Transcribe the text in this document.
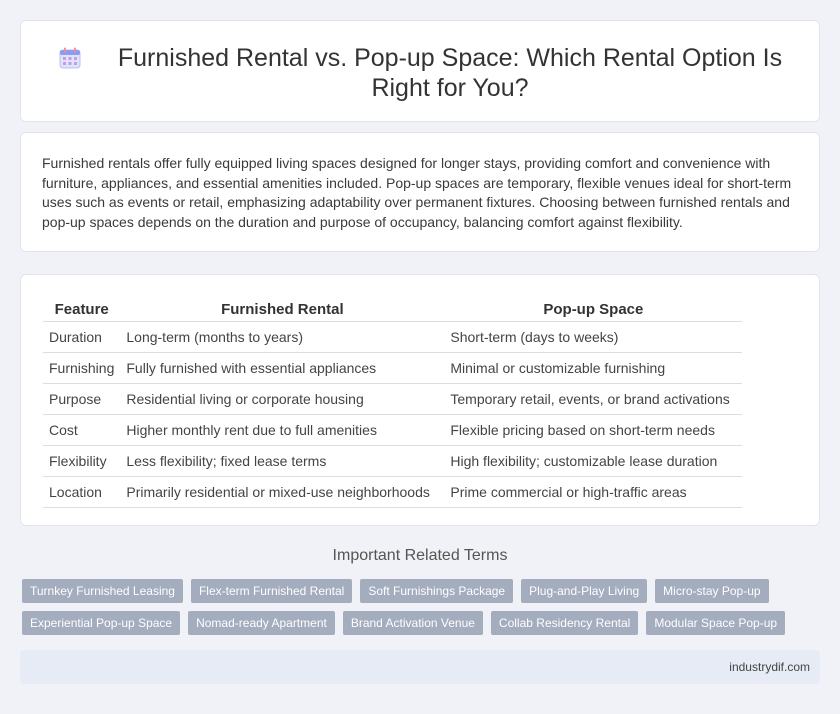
Furnished Rental vs. Pop-up Space: Which Rental Option Is Right for You?

Furnished rentals offer fully equipped living spaces designed for longer stays, providing comfort and convenience with furniture, appliances, and essential amenities included. Pop-up spaces are temporary, flexible venues ideal for short-term uses such as events or retail, emphasizing adaptability over permanent fixtures. Choosing between furnished rentals and pop-up spaces depends on the duration and purpose of occupancy, balancing comfort against flexibility.

Feature	Furnished Rental	Pop-up Space
Duration	Long-term (months to years)	Short-term (days to weeks)
Furnishing	Fully furnished with essential appliances	Minimal or customizable furnishing
Purpose	Residential living or corporate housing	Temporary retail, events, or brand activations
Cost	Higher monthly rent due to full amenities	Flexible pricing based on short-term needs
Flexibility	Less flexibility; fixed lease terms	High flexibility; customizable lease duration
Location	Primarily residential or mixed-use neighborhoods	Prime commercial or high-traffic areas
Important Related Terms
Turnkey Furnished Leasing	Flex-term Furnished Rental	Soft Furnishings Package	Plug-and-Play Living	Micro-stay Pop-up
Experiential Pop-up Space	Nomad-ready Apartment	Brand Activation Venue	Collab Residency Rental	Modular Space Pop-up
industrydif.com
